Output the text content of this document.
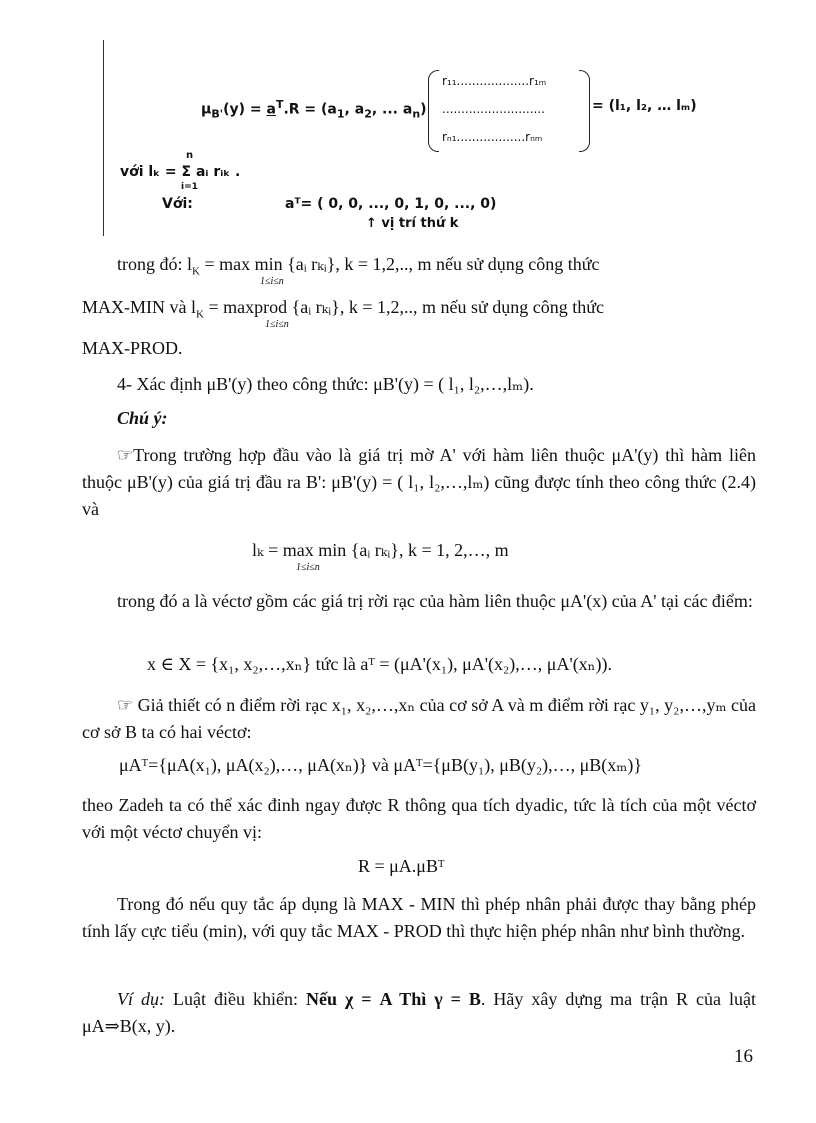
$\mu_{B'}(y) = a^T.R = (a_1$, $a_2$, ... $a_n$)
r₁₁...................r₁ₘ
...........................
rₙ₁..................rₙₘ
= (l₁, l₂, … lₘ)
n
với lₖ = Σ aᵢ rᵢₖ .
i=1
Với:	aᵀ= ( 0, 0, ..., 0, 1, 0, ..., 0)
↑ vị trí thứ k
trong đó: $l_K = \max \min$ {aᵢ rₖᵢ}, k = 1,2,.., m nếu sử dụng công thức
1≤i≤n
MAX-MIN và $l_K$ = maxprod {aᵢ rₖᵢ}, k = 1,2,.., m nếu sử dụng công thức
1≤i≤n
MAX-PROD.
4- Xác định μB'(y) theo công thức: μB'(y) = ( l₁, l₂,…,lₘ).
Chú ý:
☞Trong trường hợp đầu vào là giá trị mờ A' với hàm liên thuộc μA'(y) thì hàm liên thuộc μB'(y) của giá trị đầu ra B': μB'(y) = ( l₁, l₂,…,lₘ) cũng được tính theo công thức (2.4) và
lₖ = max min {aᵢ rₖᵢ}, k = 1, 2,…, m
1≤i≤n
trong đó a là véctơ gồm các giá trị rời rạc của hàm liên thuộc μA'(x) của A' tại các điểm:
x ∈ X = {x₁, x₂,…,xₙ} tức là aᵀ = (μA'(x₁), μA'(x₂),…, μA'(xₙ)).
☞ Giả thiết có n điểm rời rạc x₁, x₂,…,xₙ của cơ sở A và m điểm rời rạc y₁, y₂,…,yₘ của cơ sở B ta có hai véctơ:
μAᵀ={μA(x₁), μA(x₂),…, μA(xₙ)} và μAᵀ={μB(y₁), μB(y₂),…, μB(xₘ)}
theo Zadeh ta có thể xác đinh ngay được R thông qua tích dyadic, tức là tích của một véctơ với một véctơ chuyển vị:
R = μA.μBᵀ
Trong đó nếu quy tắc áp dụng là MAX - MIN thì phép nhân phải được thay bằng phép tính lấy cực tiểu (min), với quy tắc MAX - PROD thì thực hiện phép nhân như bình thường.
Ví dụ: Luật điều khiển: Nếu χ = A Thì γ = B. Hãy xây dựng ma trận R của luật μA⇒B(x, y).
16
